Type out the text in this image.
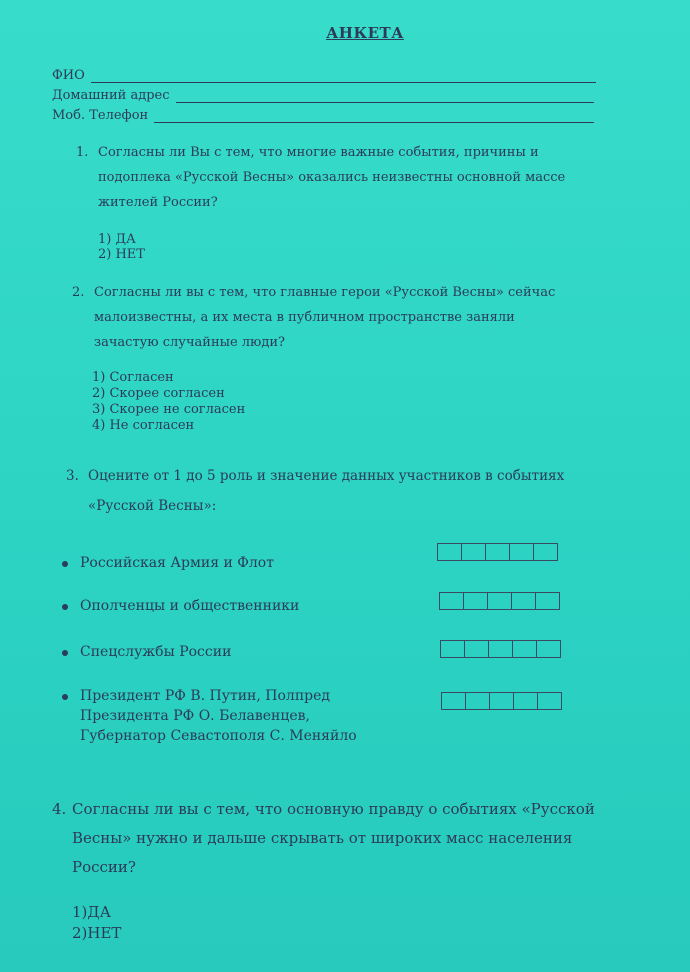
АНКЕТА
ФИО
Домашний адрес
Моб. Телефон
1. Согласны ли Вы с тем, что многие важные события, причины и
подоплека «Русской Весны» оказались неизвестны основной массе
жителей России?
1) ДА
2) НЕТ
2. Согласны ли вы с тем, что главные герои «Русской Весны» сейчас
малоизвестны, а их места в публичном пространстве заняли
зачастую случайные люди?
1) Согласен
2) Скорее согласен
3) Скорее не согласен
4) Не согласен
3. Оцените от 1 до 5 роль и значение данных участников в событиях
«Русской Весны»:
Российская Армия и Флот
Ополченцы и общественники
Спецслужбы России
Президент РФ В. Путин, Полпред
Президента РФ О. Белавенцев,
Губернатор Севастополя С. Меняйло
4. Согласны ли вы с тем, что основную правду о событиях «Русской
Весны» нужно и дальше скрывать от широких масс населения
России?
1)ДА
2)НЕТ
